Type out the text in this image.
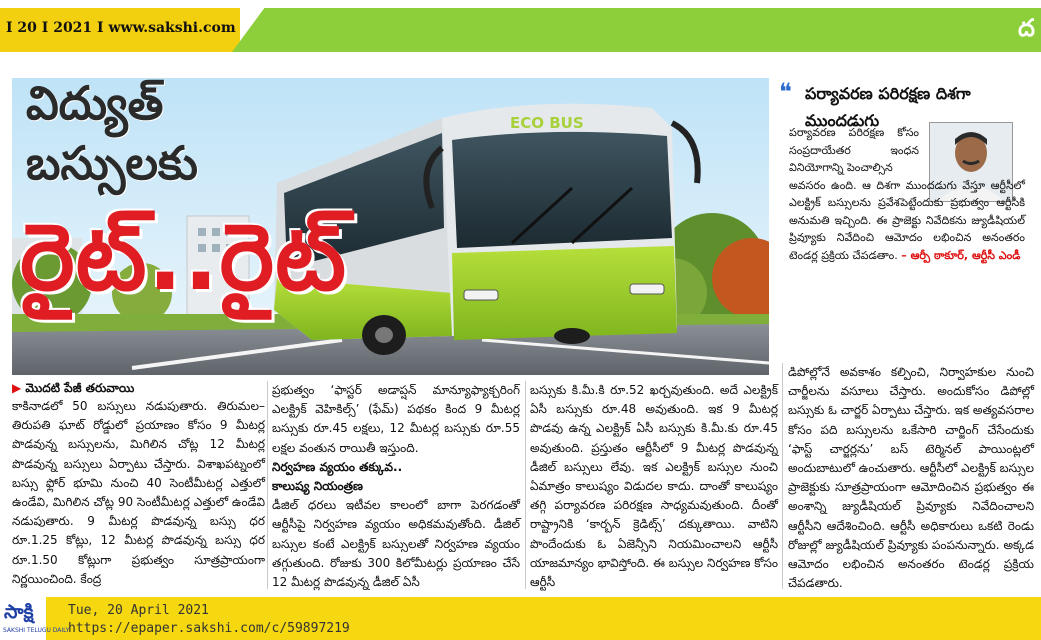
I 20 I 2021 I www.sakshi.com	ద
ECO BUS
విద్యుత్
బస్సులకు
రైట్..రైట్
❝ పర్యావరణ పరిరక్షణ దిశగా ముందడుగు
పర్యావరణ పరిరక్షణ కోసం సంప్రదాయేతర ఇంధన వినియోగాన్ని పెంచాల్సిన
అవసరం ఉంది. ఆ దిశగా ముందడుగు వేస్తూ ఆర్టీసీలో ఎలక్ట్రిక్ బస్సులను ప్రవేశపెట్టేందుకు ప్రభుత్వం ఆర్టీసీకి అనుమతి ఇచ్చింది. ఈ ప్రాజెక్టు నివేదికను జ్యుడీషియల్ ప్రివ్యూకు నివేదించి ఆమోదం లభించిన అనంతరం టెండర్ల ప్రక్రియ చేపడతాం. – ఆర్పీ ఠాకూర్, ఆర్టీసీ ఎండీ
▶ మొదటి పేజీ తరువాయి
కాకినాడలో 50 బస్సులు నడుపుతారు. తిరుమల–తిరుపతి ఘాట్ రోడ్డులో ప్రయాణం కోసం 9 మీటర్ల పొడవున్న బస్సులను, మిగిలిన చోట్ల 12 మీటర్ల పొడవున్న బస్సులు ఏర్పాటు చేస్తారు. విశాఖపట్నంలో బస్సు ఫ్లోర్ భూమి నుంచి 40 సెంటీమీటర్ల ఎత్తులో ఉండేవి, మిగిలిన చోట్ల 90 సెంటీమీటర్ల ఎత్తులో ఉండేవి నడుపుతారు. 9 మీటర్ల పొడవున్న బస్సు ధర రూ.1.25 కోట్లు, 12 మీటర్ల పొడవున్న బస్సు ధర రూ.1.50 కోట్లుగా ప్రభుత్వం సూత్రప్రాయంగా నిర్ణయించింది. కేంద్ర
ప్రభుత్వం ‘ఫాస్టర్ అడాప్షన్ మాన్యూఫ్యాక్చరింగ్ ఎలక్ట్రిక్ వెహికిల్స్’ (ఫేమ్) పథకం కింద 9 మీటర్ల బస్సుకు రూ.45 లక్షలు, 12 మీటర్ల బస్సుకు రూ.55 లక్షల వంతున రాయితీ ఇస్తుంది.
నిర్వహణ వ్యయం తక్కువ..
కాలుష్య నియంత్రణ
డీజిల్ ధరలు ఇటీవల కాలంలో బాగా పెరగడంతో ఆర్టీసీపై నిర్వహణ వ్యయం అధికమవుతోంది. డీజిల్ బస్సుల కంటే ఎలక్ట్రిక్ బస్సులతో నిర్వహణ వ్యయం తగ్గుతుంది. రోజుకు 300 కిలోమీటర్లు ప్రయాణం చేసే 12 మీటర్ల పొడవున్న డీజిల్ ఏసీ
బస్సుకు కి.మీ.కి రూ.52 ఖర్చవుతుంది. అదే ఎలక్ట్రిక్ ఏసీ బస్సుకు రూ.48 అవుతుంది. ఇక 9 మీటర్ల పొడవు ఉన్న ఎలక్ట్రిక్ ఏసీ బస్సుకు కి.మీ.కు రూ.45 అవుతుంది. ప్రస్తుతం ఆర్టీసీలో 9 మీటర్ల పొడవున్న డీజిల్ బస్సులు లేవు. ఇక ఎలక్ట్రిక్ బస్సుల నుంచి ఏమాత్రం కాలుష్యం విడుదల కాదు. దాంతో కాలుష్యం తగ్గి పర్యావరణ పరిరక్షణ సాధ్యమవుతుంది. దీంతో రాష్ట్రానికి ‘కార్బన్ క్రెడిట్స్’ దక్కుతాయి. వాటిని పొందేందుకు ఓ ఏజెన్సీని నియమించాలని ఆర్టీసీ యాజమాన్యం భావిస్తోంది. ఈ బస్సుల నిర్వహణ కోసం ఆర్టీసీ
డిపోల్లోనే అవకాశం కల్పించి, నిర్వాహకుల నుంచి చార్జీలను వసూలు చేస్తారు. అందుకోసం డిపోల్లో బస్సుకు ఓ చార్జర్ ఏర్పాటు చేస్తారు. ఇక అత్యవసరాల కోసం పది బస్సులను ఒకేసారి చార్జింగ్ చేసేందుకు ‘ఫాస్ట్ చార్జర్లను’ బస్ టెర్మినల్ పాయింట్లలో అందుబాటులో ఉంచుతారు. ఆర్టీసీలో ఎలక్ట్రిక్ బస్సుల ప్రాజెక్టుకు సూత్రప్రాయంగా ఆమోదించిన ప్రభుత్వం ఈ అంశాన్ని జ్యుడీషియల్ ప్రివ్యూకు నివేదించాలని ఆర్టీసీని ఆదేశించింది. ఆర్టీసీ అధికారులు ఒకటి రెండు రోజుల్లో జ్యుడీషియల్ ప్రివ్యూకు పంపనున్నారు. అక్కడ ఆమోదం లభించిన అనంతరం టెండర్ల ప్రక్రియ చేపడతారు.
సాక్షి
SAKSHI TELUGU DAILY
Tue, 20 April 2021
https://epaper.sakshi.com/c/59897219
